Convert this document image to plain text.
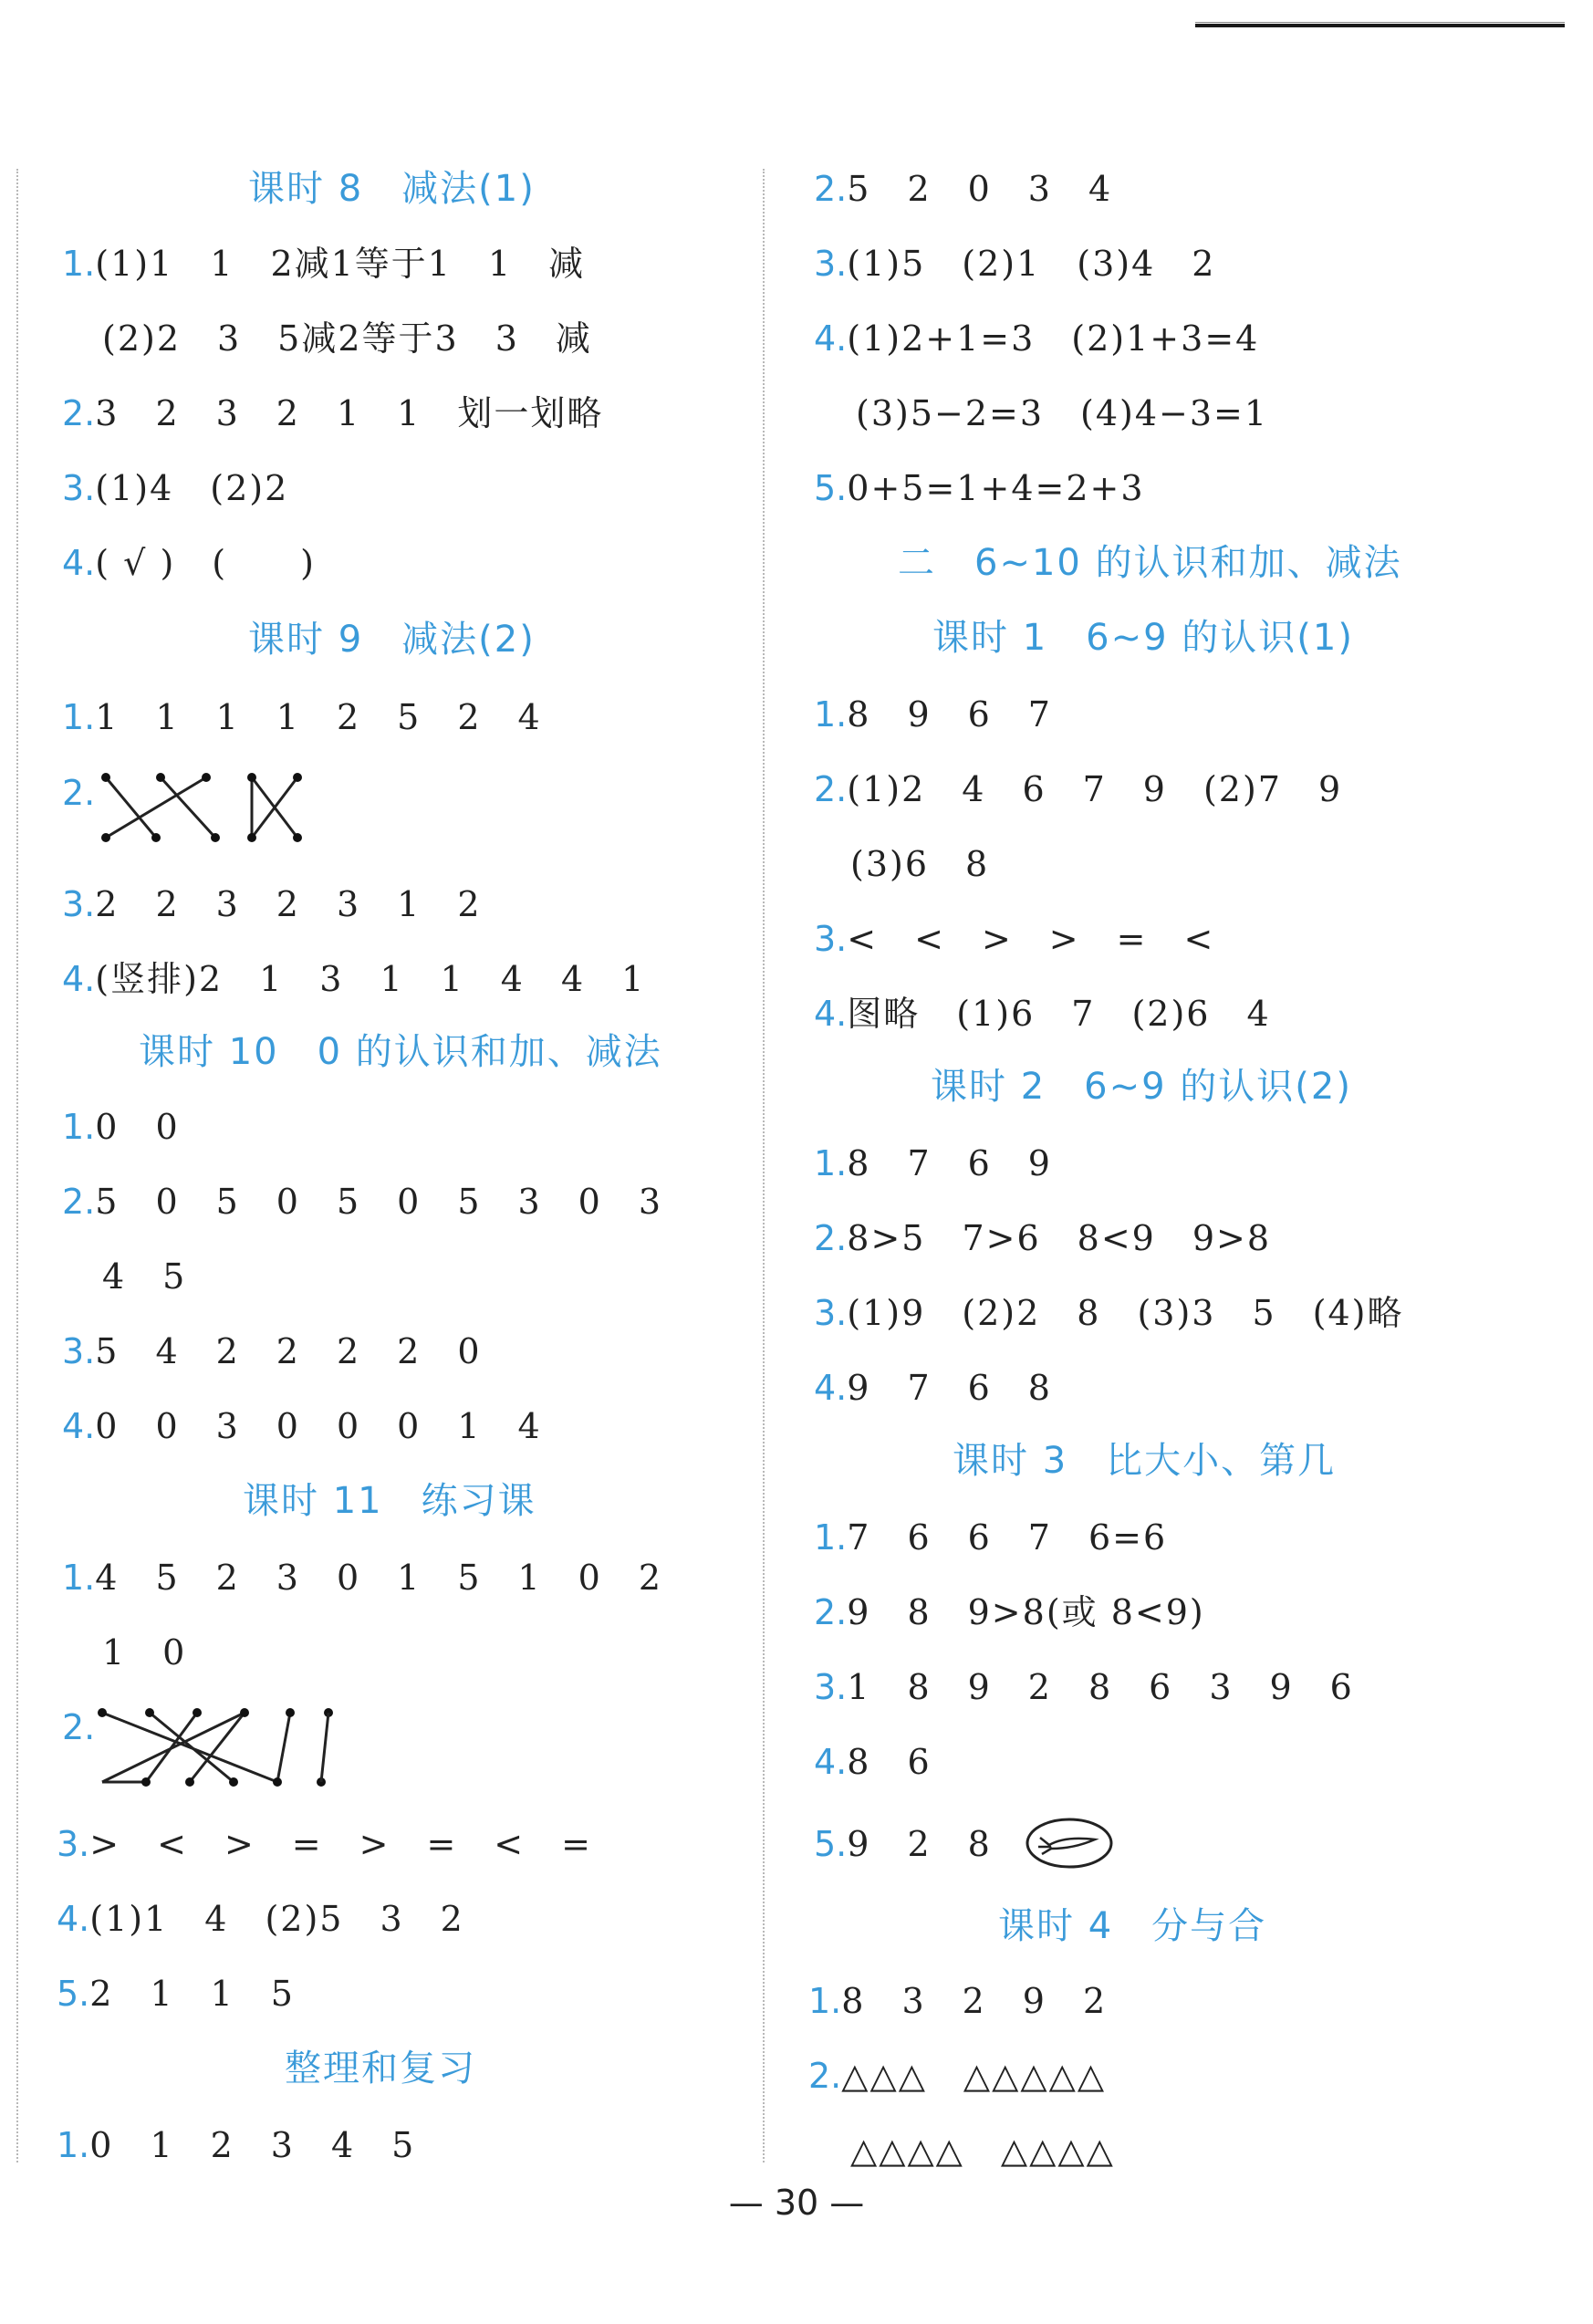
课时 8　减法(1)
1.(1)1　1　2减1等于1　1　减
(2)2　3　5减2等于3　3　减
2.3　2　3　2　1　1　划一划略
3.(1)4　(2)2
4.( √ )　(　　)
课时 9　减法(2)
1.1　1　1　1　2　5　2　4
2.
3.2　2　3　2　3　1　2
4.(竖排)2　1　3　1　1　4　4　1
课时 10　0 的认识和加、减法
1.0　0
2.5　0　5　0　5　0　5　3　0　3
4　5
3.5　4　2　2　2　2　0
4.0　0　3　0　0　0　1　4
课时 11　练习课
1.4　5　2　3　0　1　5　1　0　2
1　0
2.
3.>　<　>　=　>　=　<　=
4.(1)1　4　(2)5　3　2
5.2　1　1　5
整理和复习
1.0　1　2　3　4　5
2.5　2　0　3　4
3.(1)5　(2)1　(3)4　2
4.(1)2+1=3　(2)1+3=4
(3)5−2=3　(4)4−3=1
5.0+5=1+4=2+3
二　6~10 的认识和加、减法
课时 1　6~9 的认识(1)
1.8　9　6　7
2.(1)2　4　6　7　9　(2)7　9
(3)6　8
3.<　<　>　>　=　<
4.图略　(1)6　7　(2)6　4
课时 2　6~9 的认识(2)
1.8　7　6　9
2.8>5　7>6　8<9　9>8
3.(1)9　(2)2　8　(3)3　5　(4)略
4.9　7　6　8
课时 3　比大小、第几
1.7　6　6　7　6=6
2.9　8　9>8(或 8<9)
3.1　8　9　2　8　6　3　9　6
4.8　6
5.9　2　8
课时 4　分与合
1.8　3　2　9　2
2.△△△　△△△△△
△△△△　△△△△
— 30 —
